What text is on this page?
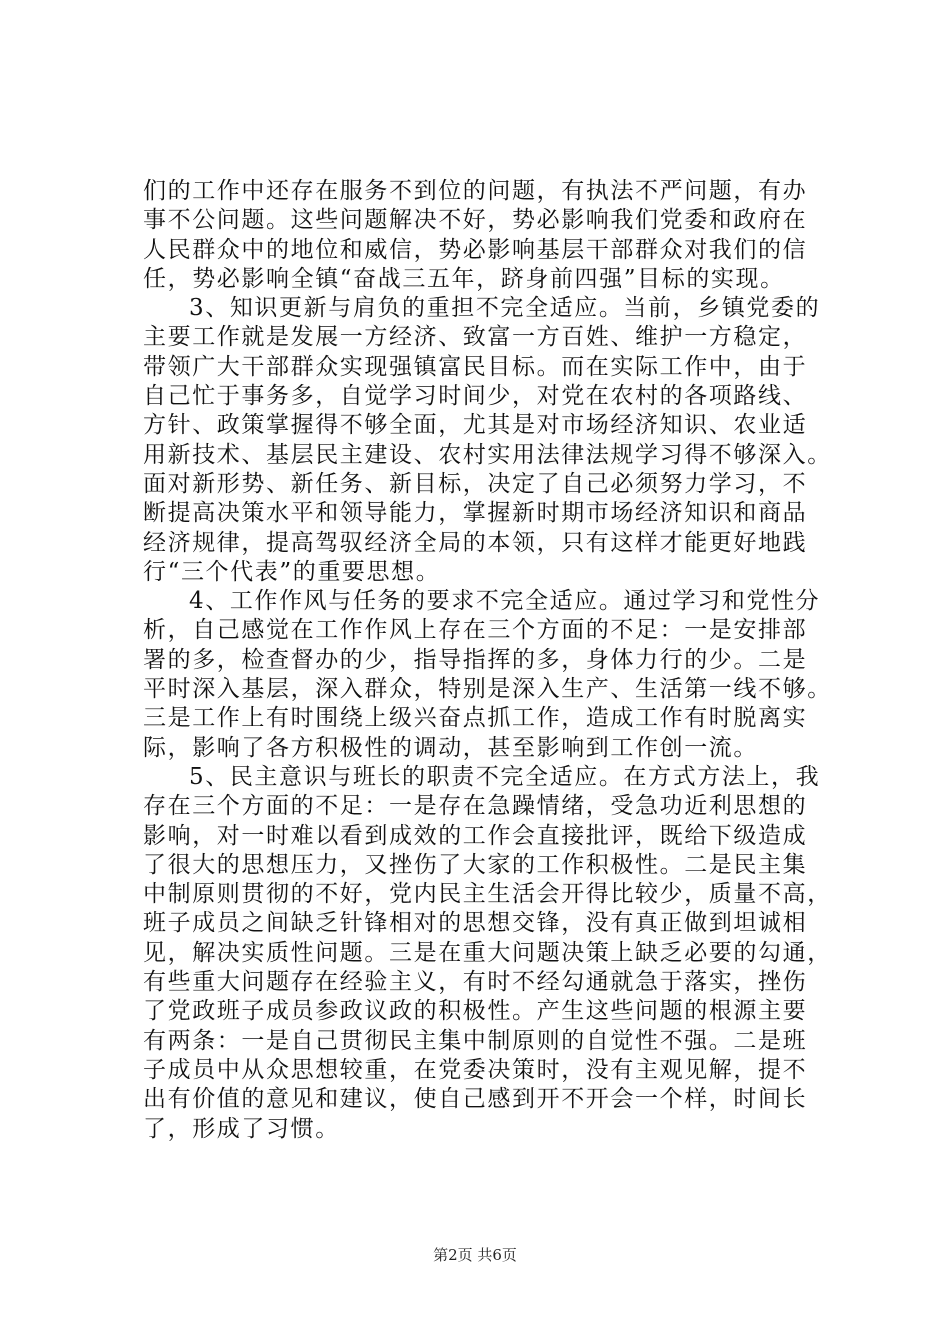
们的工作中还存在服务不到位的问题，有执法不严问题，有办
事不公问题。这些问题解决不好，势必影响我们党委和政府在
人民群众中的地位和威信，势必影响基层干部群众对我们的信
任，势必影响全镇“奋战三五年，跻身前四强”目标的实现。
3、知识更新与肩负的重担不完全适应。当前，乡镇党委的
主要工作就是发展一方经济、致富一方百姓、维护一方稳定，
带领广大干部群众实现强镇富民目标。而在实际工作中，由于
自己忙于事务多，自觉学习时间少，对党在农村的各项路线、
方针、政策掌握得不够全面，尤其是对市场经济知识、农业适
用新技术、基层民主建设、农村实用法律法规学习得不够深入。
面对新形势、新任务、新目标，决定了自己必须努力学习，不
断提高决策水平和领导能力，掌握新时期市场经济知识和商品
经济规律，提高驾驭经济全局的本领，只有这样才能更好地践
行“三个代表”的重要思想。
4、工作作风与任务的要求不完全适应。通过学习和党性分
析，自己感觉在工作作风上存在三个方面的不足：一是安排部
署的多，检查督办的少，指导指挥的多，身体力行的少。二是
平时深入基层，深入群众，特别是深入生产、生活第一线不够。
三是工作上有时围绕上级兴奋点抓工作，造成工作有时脱离实
际，影响了各方积极性的调动，甚至影响到工作创一流。
5、民主意识与班长的职责不完全适应。在方式方法上，我
存在三个方面的不足：一是存在急躁情绪，受急功近利思想的
影响，对一时难以看到成效的工作会直接批评，既给下级造成
了很大的思想压力，又挫伤了大家的工作积极性。二是民主集
中制原则贯彻的不好，党内民主生活会开得比较少，质量不高，
班子成员之间缺乏针锋相对的思想交锋，没有真正做到坦诚相
见，解决实质性问题。三是在重大问题决策上缺乏必要的勾通，
有些重大问题存在经验主义，有时不经勾通就急于落实，挫伤
了党政班子成员参政议政的积极性。产生这些问题的根源主要
有两条：一是自己贯彻民主集中制原则的自觉性不强。二是班
子成员中从众思想较重，在党委决策时，没有主观见解，提不
出有价值的意见和建议，使自己感到开不开会一个样，时间长
了，形成了习惯。
第2页 共6页
